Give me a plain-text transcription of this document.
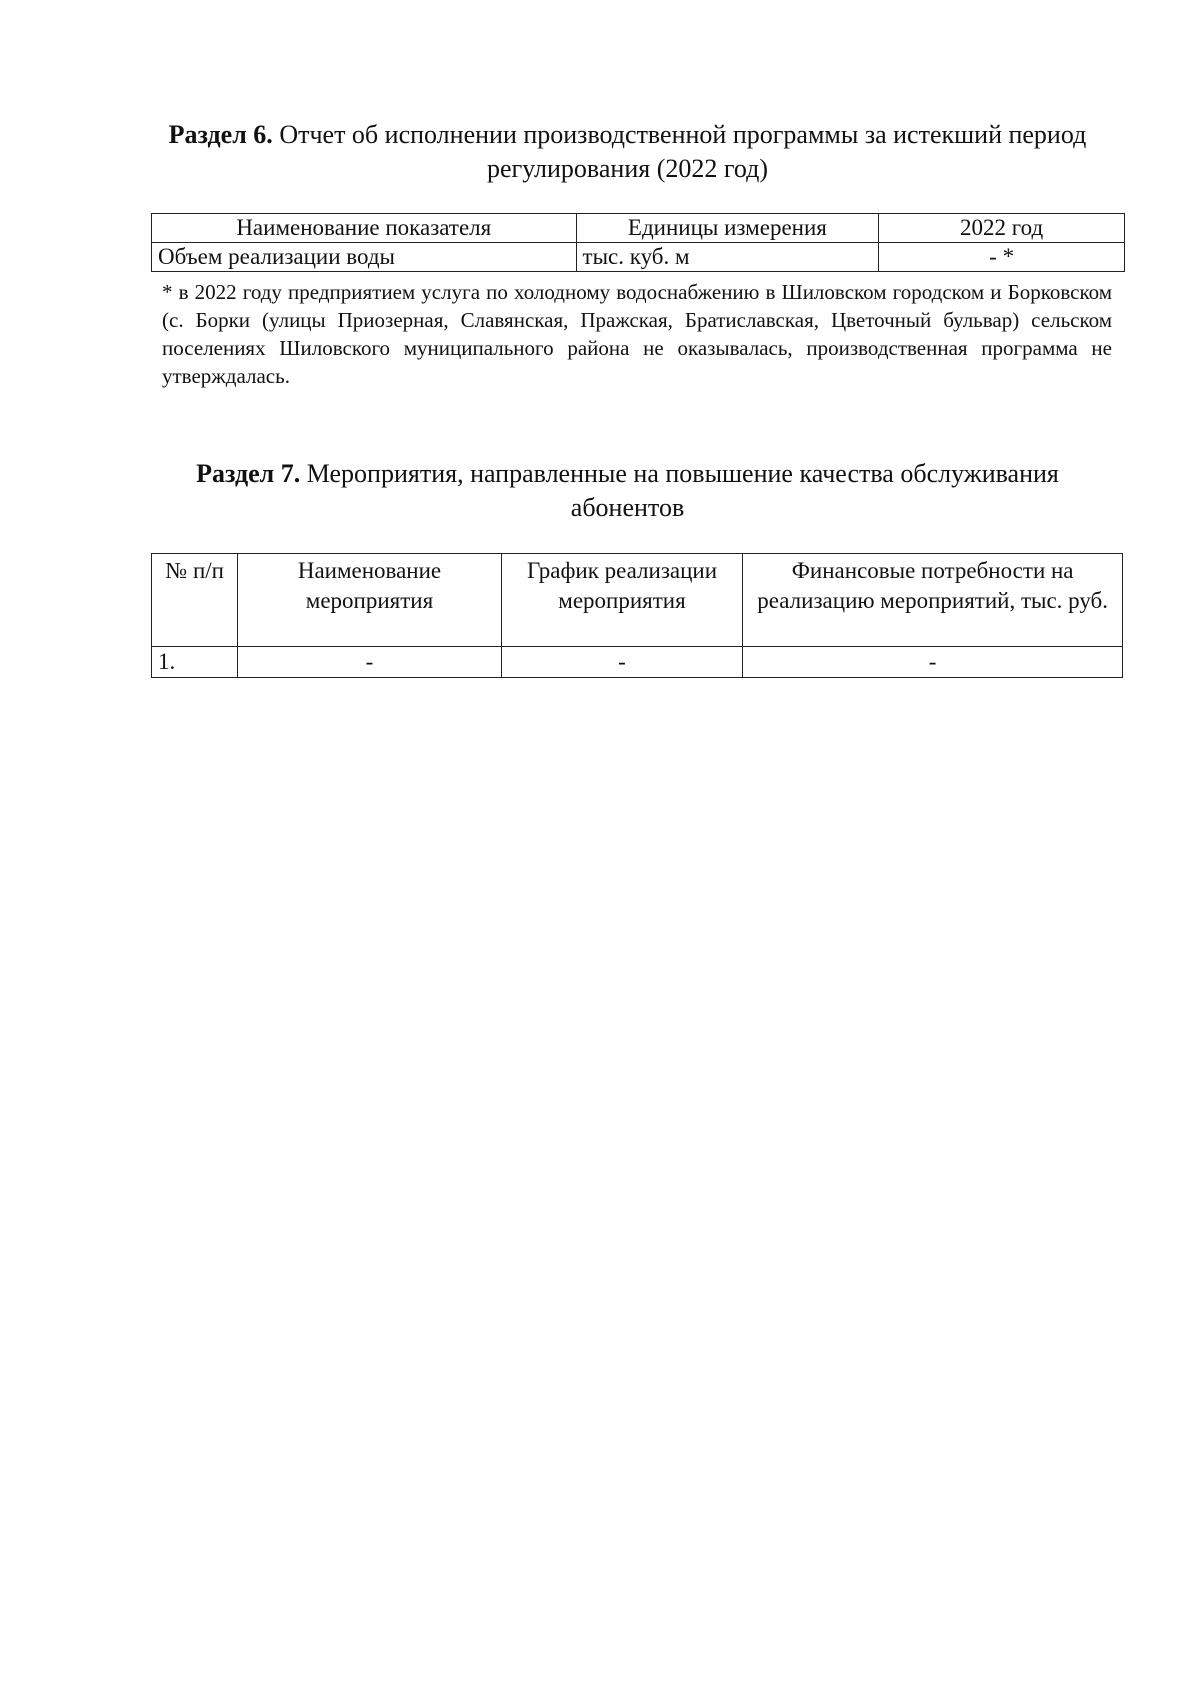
Раздел 6. Отчет об исполнении производственной программы за истекший период регулирования (2022 год)
Наименование показателя	Единицы измерения	2022 год
Объем реализации воды	тыс. куб. м	- *
* в 2022 году предприятием услуга по холодному водоснабжению в Шиловском городском и Борковском (с. Борки (улицы Приозерная, Славянская, Пражская, Братиславская, Цветочный бульвар) сельском поселениях Шиловского муниципального района не оказывалась, производственная программа не утверждалась.
Раздел 7. Мероприятия, направленные на повышение качества обслуживания абонентов
№ п/п	Наименование мероприятия	График реализации мероприятия	Финансовые потребности на реализацию мероприятий, тыс. руб.
1.	-	-	-
